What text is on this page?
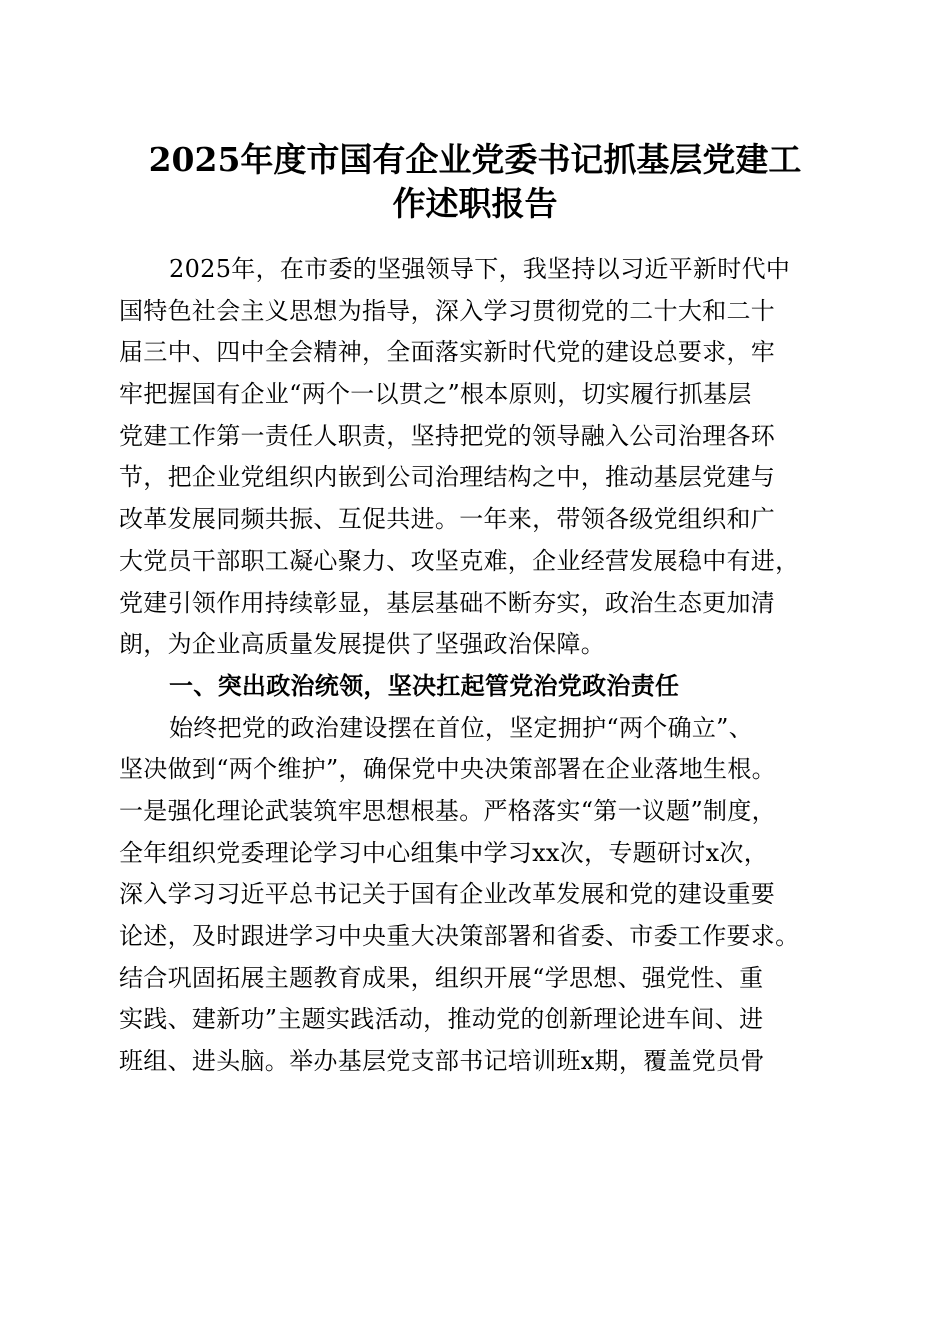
2025年度市国有企业党委书记抓基层党建工
作述职报告
2025年，在市委的坚强领导下，我坚持以习近平新时代中
国特色社会主义思想为指导，深入学习贯彻党的二十大和二十
届三中、四中全会精神，全面落实新时代党的建设总要求，牢
牢把握国有企业“两个一以贯之”根本原则，切实履行抓基层
党建工作第一责任人职责，坚持把党的领导融入公司治理各环
节，把企业党组织内嵌到公司治理结构之中，推动基层党建与
改革发展同频共振、互促共进。一年来，带领各级党组织和广
大党员干部职工凝心聚力、攻坚克难，企业经营发展稳中有进，
党建引领作用持续彰显，基层基础不断夯实，政治生态更加清
朗，为企业高质量发展提供了坚强政治保障。
一、突出政治统领，坚决扛起管党治党政治责任
始终把党的政治建设摆在首位，坚定拥护“两个确立”、
坚决做到“两个维护”，确保党中央决策部署在企业落地生根。
一是强化理论武装筑牢思想根基。严格落实“第一议题”制度，
全年组织党委理论学习中心组集中学习xx次，专题研讨x次，
深入学习习近平总书记关于国有企业改革发展和党的建设重要
论述，及时跟进学习中央重大决策部署和省委、市委工作要求。
结合巩固拓展主题教育成果，组织开展“学思想、强党性、重
实践、建新功”主题实践活动，推动党的创新理论进车间、进
班组、进头脑。举办基层党支部书记培训班x期，覆盖党员骨
